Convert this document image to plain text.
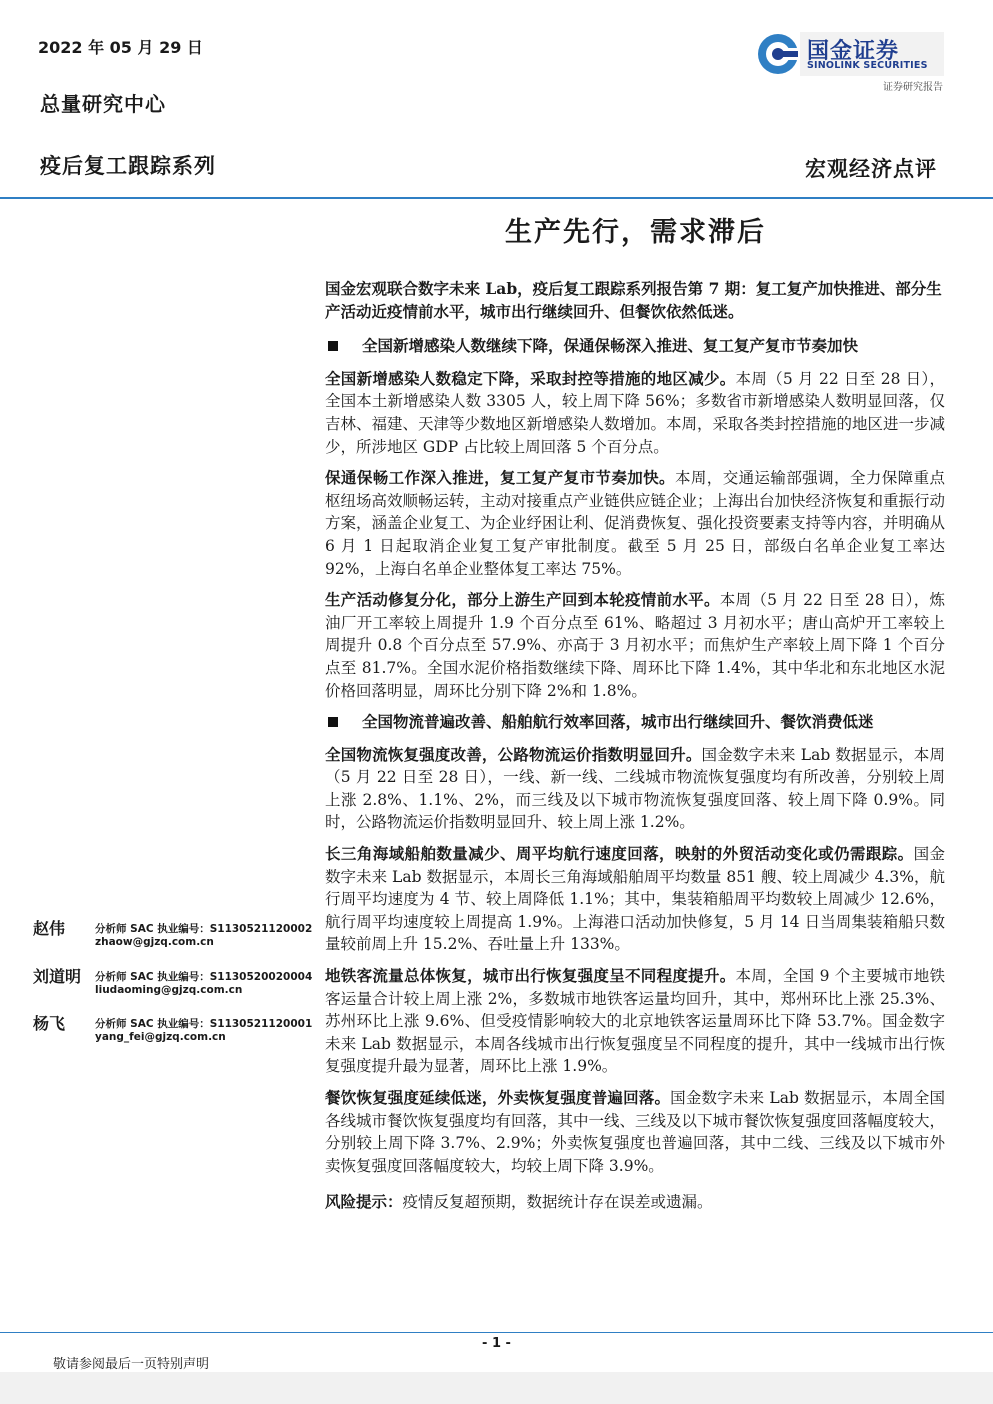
2022 年 05 月 29 日
总量研究中心
疫后复工跟踪系列	宏观经济点评
国金证券
SINOLINK SECURITIES
证券研究报告
生产先行，需求滞后
国金宏观联合数字未来 Lab，疫后复工跟踪系列报告第 7 期：复工复产加快推进、部分生产活动近疫情前水平，城市出行继续回升、但餐饮依然低迷。
全国新增感染人数继续下降，保通保畅深入推进、复工复产复市节奏加快
全国新增感染人数稳定下降，采取封控等措施的地区减少。本周（5 月 22 日至 28 日），全国本土新增感染人数 3305 人，较上周下降 56%；多数省市新增感染人数明显回落，仅吉林、福建、天津等少数地区新增感染人数增加。本周，采取各类封控措施的地区进一步减少，所涉地区 GDP 占比较上周回落 5 个百分点。
保通保畅工作深入推进，复工复产复市节奏加快。本周，交通运输部强调，全力保障重点枢纽场高效顺畅运转，主动对接重点产业链供应链企业；上海出台加快经济恢复和重振行动方案，涵盖企业复工、为企业纾困让利、促消费恢复、强化投资要素支持等内容，并明确从 6 月 1 日起取消企业复工复产审批制度。截至 5 月 25 日，部级白名单企业复工率达 92%，上海白名单企业整体复工率达 75%。
生产活动修复分化，部分上游生产回到本轮疫情前水平。本周（5 月 22 日至 28 日），炼油厂开工率较上周提升 1.9 个百分点至 61%、略超过 3 月初水平；唐山高炉开工率较上周提升 0.8 个百分点至 57.9%、亦高于 3 月初水平；而焦炉生产率较上周下降 1 个百分点至 81.7%。全国水泥价格指数继续下降、周环比下降 1.4%，其中华北和东北地区水泥价格回落明显，周环比分别下降 2%和 1.8%。
全国物流普遍改善、船舶航行效率回落，城市出行继续回升、餐饮消费低迷
全国物流恢复强度改善，公路物流运价指数明显回升。国金数字未来 Lab 数据显示，本周（5 月 22 日至 28 日），一线、新一线、二线城市物流恢复强度均有所改善，分别较上周上涨 2.8%、1.1%、2%，而三线及以下城市物流恢复强度回落、较上周下降 0.9%。同时，公路物流运价指数明显回升、较上周上涨 1.2%。
长三角海域船舶数量减少、周平均航行速度回落，映射的外贸活动变化或仍需跟踪。国金数字未来 Lab 数据显示，本周长三角海域船舶周平均数量 851 艘、较上周减少 4.3%，航行周平均速度为 4 节、较上周降低 1.1%；其中，集装箱船周平均数较上周减少 12.6%，航行周平均速度较上周提高 1.9%。上海港口活动加快修复，5 月 14 日当周集装箱船只数量较前周上升 15.2%、吞吐量上升 133%。
地铁客流量总体恢复，城市出行恢复强度呈不同程度提升。本周，全国 9 个主要城市地铁客运量合计较上周上涨 2%，多数城市地铁客运量均回升，其中，郑州环比上涨 25.3%、苏州环比上涨 9.6%、但受疫情影响较大的北京地铁客运量周环比下降 53.7%。国金数字未来 Lab 数据显示，本周各线城市出行恢复强度呈不同程度的提升，其中一线城市出行恢复强度提升最为显著，周环比上涨 1.9%。
餐饮恢复强度延续低迷，外卖恢复强度普遍回落。国金数字未来 Lab 数据显示，本周全国各线城市餐饮恢复强度均有回落，其中一线、三线及以下城市餐饮恢复强度回落幅度较大，分别较上周下降 3.7%、2.9%；外卖恢复强度也普遍回落，其中二线、三线及以下城市外卖恢复强度回落幅度较大，均较上周下降 3.9%。
风险提示：疫情反复超预期，数据统计存在误差或遗漏。
赵伟	分析师 SAC 执业编号：S1130521120002
zhaow@gjzq.com.cn
刘道明 分析师 SAC 执业编号：S1130520020004
liudaoming@gjzq.com.cn
杨飞	分析师 SAC 执业编号：S1130521120001
yang_fei@gjzq.com.cn
- 1 -
敬请参阅最后一页特别声明
